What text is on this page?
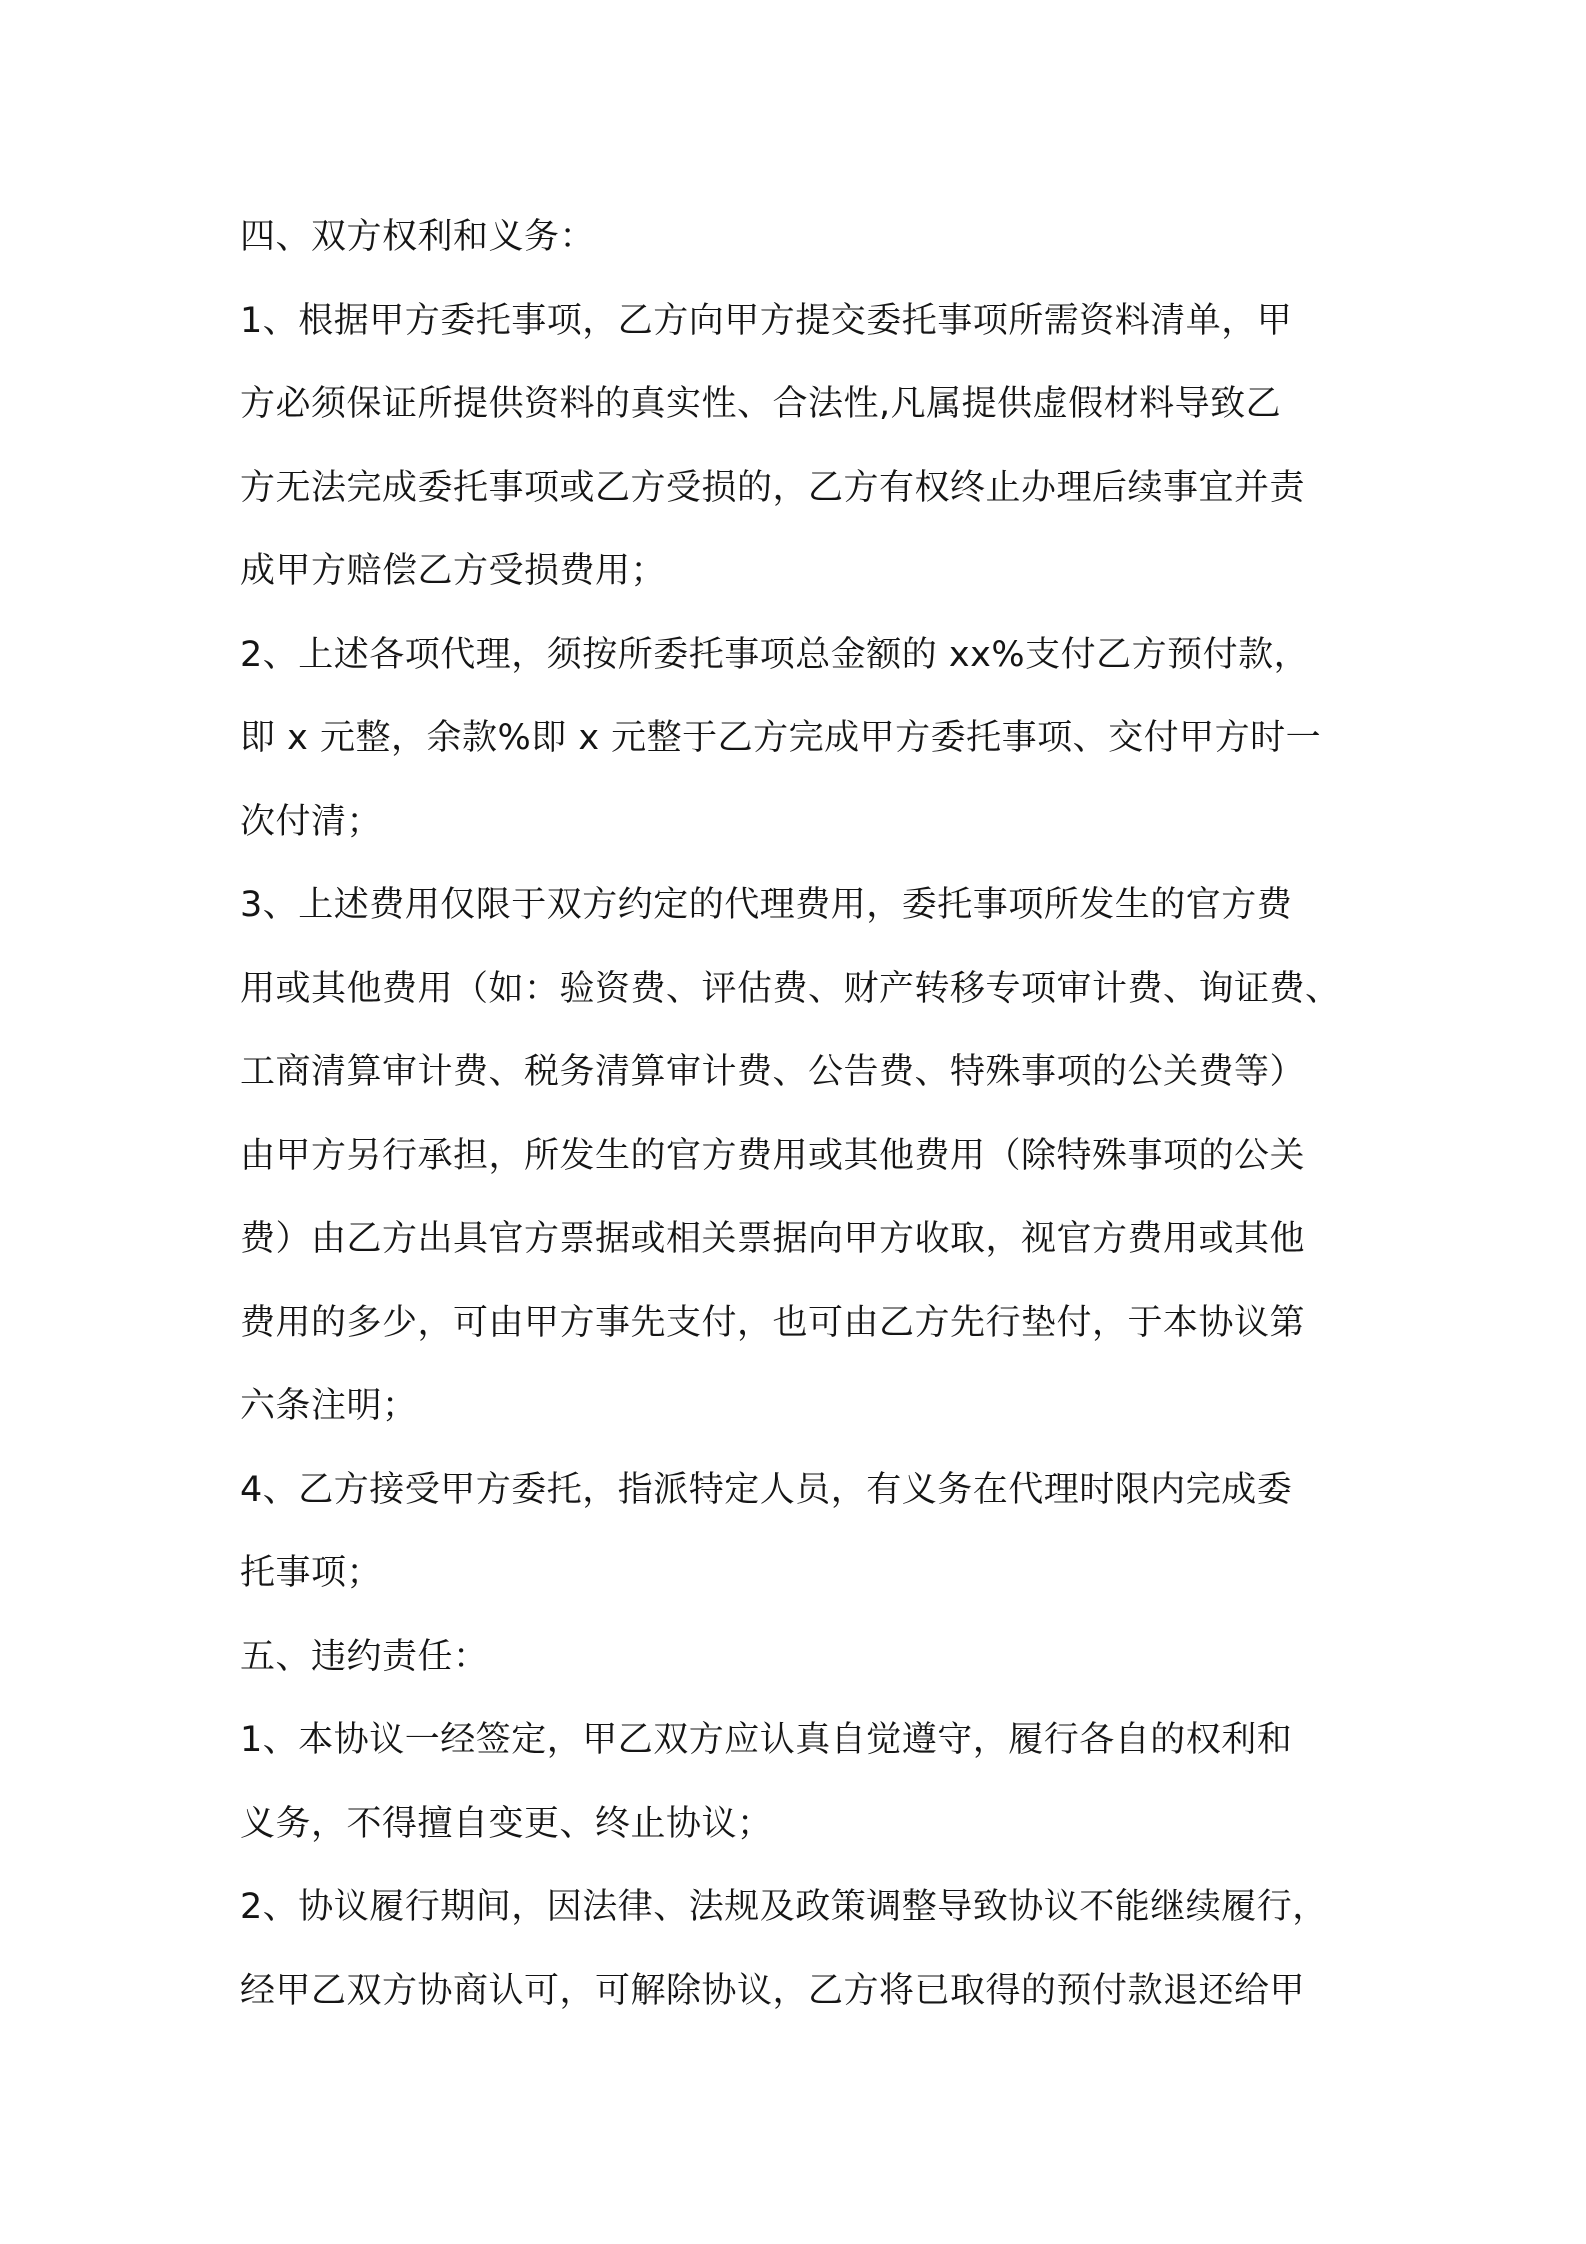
四、双方权利和义务：
1、根据甲方委托事项，乙方向甲方提交委托事项所需资料清单，甲
方必须保证所提供资料的真实性、合法性,凡属提供虚假材料导致乙
方无法完成委托事项或乙方受损的，乙方有权终止办理后续事宜并责
成甲方赔偿乙方受损费用；
2、上述各项代理，须按所委托事项总金额的 xx%支付乙方预付款，
即 x 元整，余款%即 x 元整于乙方完成甲方委托事项、交付甲方时一
次付清；
3、上述费用仅限于双方约定的代理费用，委托事项所发生的官方费
用或其他费用（如：验资费、评估费、财产转移专项审计费、询证费、
工商清算审计费、税务清算审计费、公告费、特殊事项的公关费等）
由甲方另行承担，所发生的官方费用或其他费用（除特殊事项的公关
费）由乙方出具官方票据或相关票据向甲方收取，视官方费用或其他
费用的多少，可由甲方事先支付，也可由乙方先行垫付，于本协议第
六条注明；
4、乙方接受甲方委托，指派特定人员，有义务在代理时限内完成委
托事项；
五、违约责任：
1、本协议一经签定，甲乙双方应认真自觉遵守，履行各自的权利和
义务，不得擅自变更、终止协议；
2、协议履行期间，因法律、法规及政策调整导致协议不能继续履行，
经甲乙双方协商认可，可解除协议，乙方将已取得的预付款退还给甲
